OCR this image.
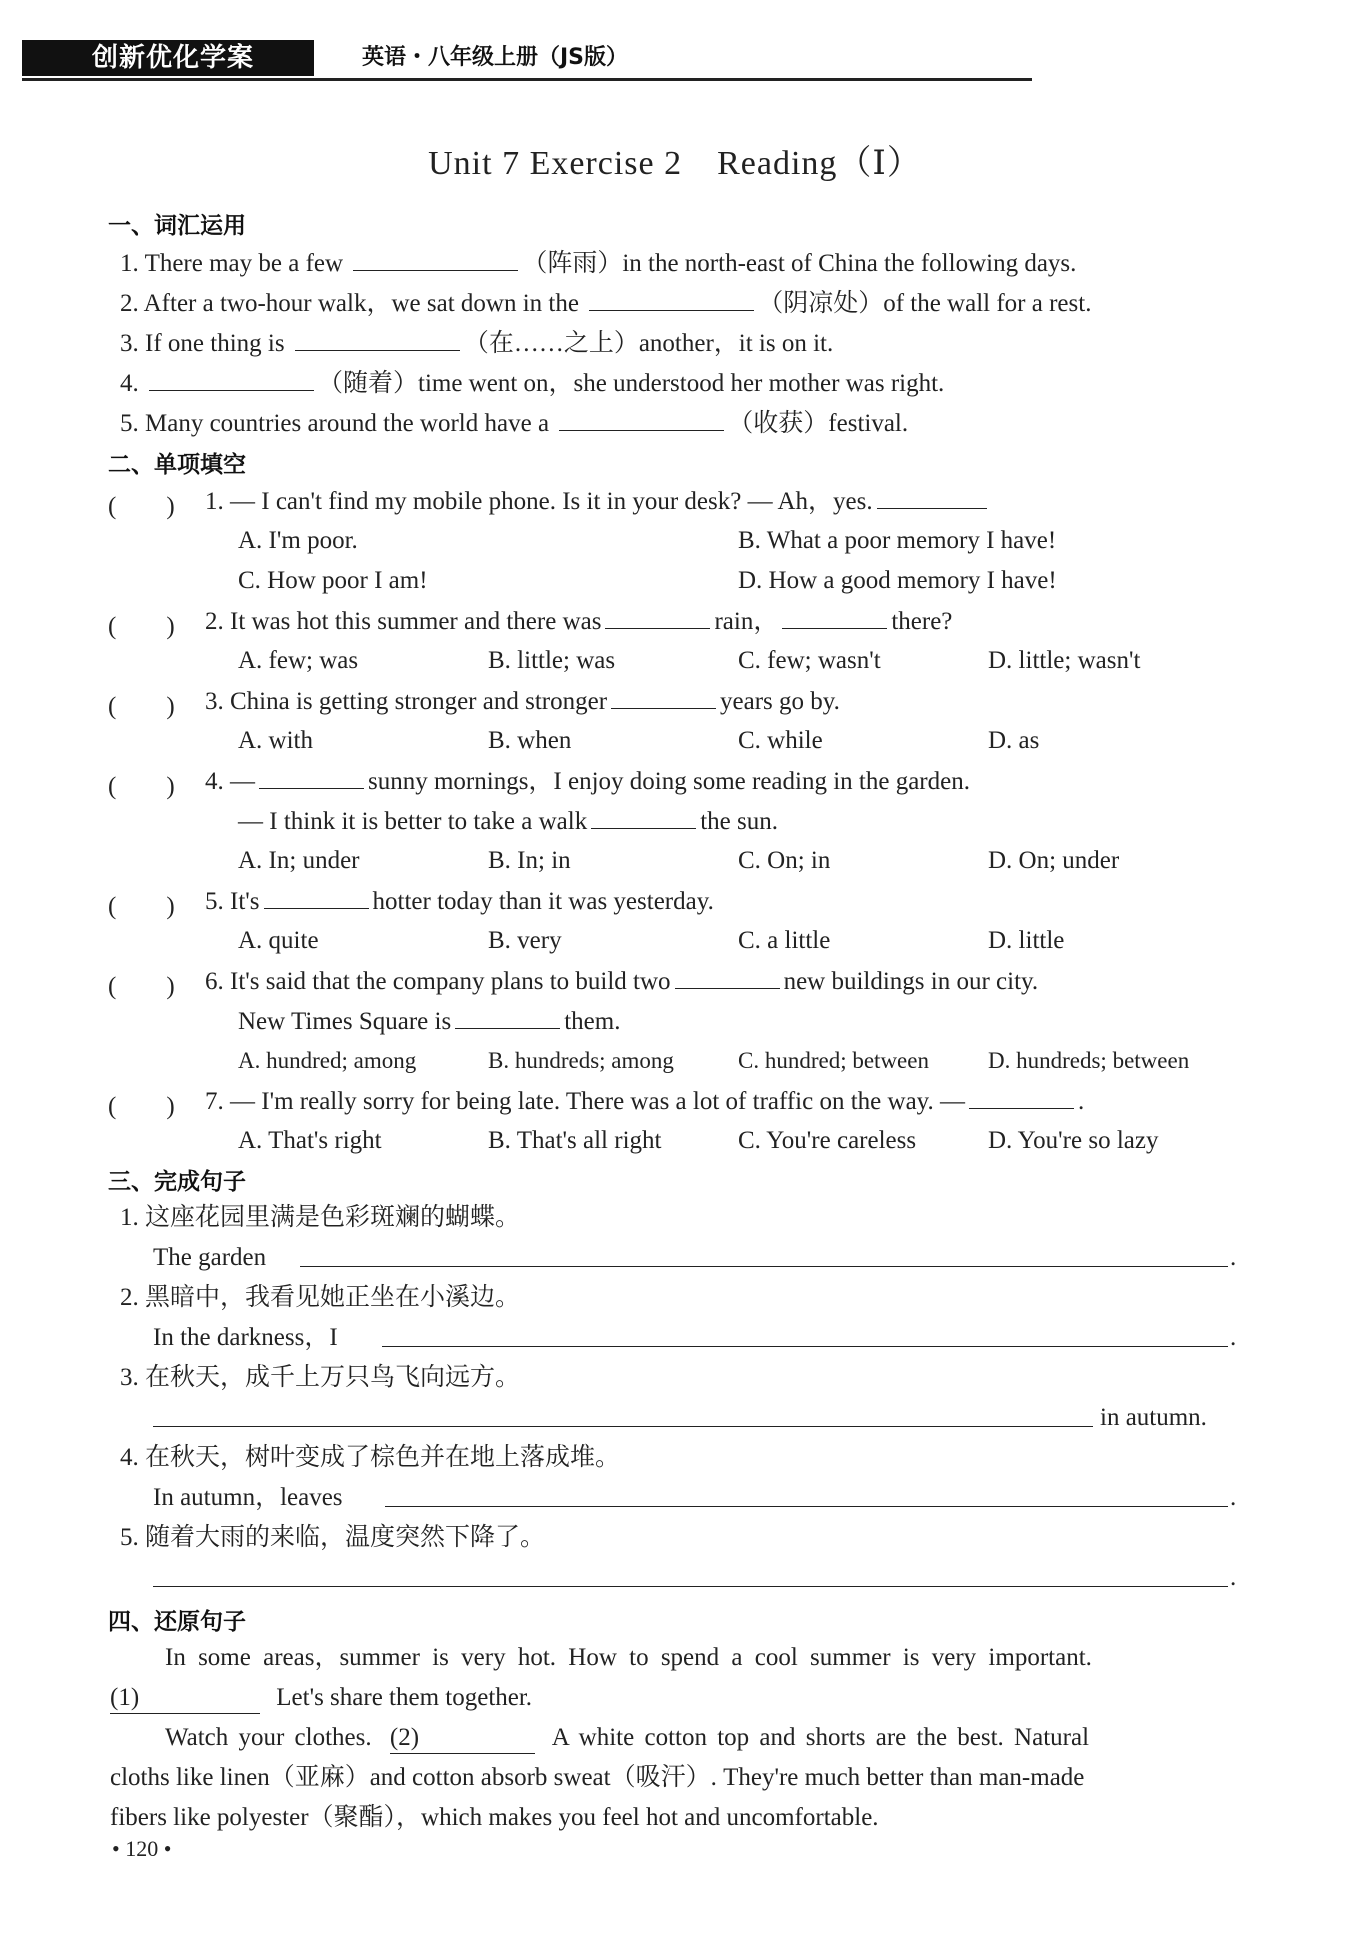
创新优化学案	英语・八年级上册（JS版）
Unit 7 Exercise 2　Reading（Ⅰ）
一、词汇运用
1. There may be a few	（阵雨）in the north-east of China the following days.
2. After a two-hour walk，we sat down in the	（阴凉处）of the wall for a rest.
3. If one thing is	（在……之上）another，it is on it.
4.	（随着）time went on，she understood her mother was right.
5. Many countries around the world have a	（收获）festival.
二、单项填空
(　　) 1. — I can't find my mobile phone. Is it in your desk? — Ah，yes.
A. I'm poor.	B. What a poor memory I have!
C. How poor I am!	D. How a good memory I have!
(　　) 2. It was hot this summer and there was	rain，	there?
A. few; was	B. little; was	C. few; wasn't	D. little; wasn't
(　　) 3. China is getting stronger and stronger	years go by.
A. with	B. when	C. while	D. as
(　　) 4. —	sunny mornings，I enjoy doing some reading in the garden.
— I think it is better to take a walk	the sun.
A. In; under	B. In; in	C. On; in	D. On; under
(　　) 5. It's	hotter today than it was yesterday.
A. quite	B. very	C. a little	D. little
(　　) 6. It's said that the company plans to build two	new buildings in our city.
New Times Square is	them.
A. hundred; among	B. hundreds; among	C. hundred; between	D. hundreds; between
(　　) 7. — I'm really sorry for being late. There was a lot of traffic on the way. —	.
A. That's right	B. That's all right	C. You're careless	D. You're so lazy
三、完成句子
1. 这座花园里满是色彩斑斓的蝴蝶。
The garden	.
2. 黑暗中，我看见她正坐在小溪边。
In the darkness，I	.
3. 在秋天，成千上万只鸟飞向远方。
in autumn.
4. 在秋天，树叶变成了棕色并在地上落成堆。
In autumn，leaves	.
5. 随着大雨的来临，温度突然下降了。
.
四、还原句子
In some areas，summer is very hot. How to spend a cool summer is very important.
(1)	Let's share them together.
Watch your clothes. (2)	A white cotton top and shorts are the best. Natural
cloths like linen（亚麻）and cotton absorb sweat（吸汗）. They're much better than man-made
fibers like polyester（聚酯），which makes you feel hot and uncomfortable.
• 120 •
